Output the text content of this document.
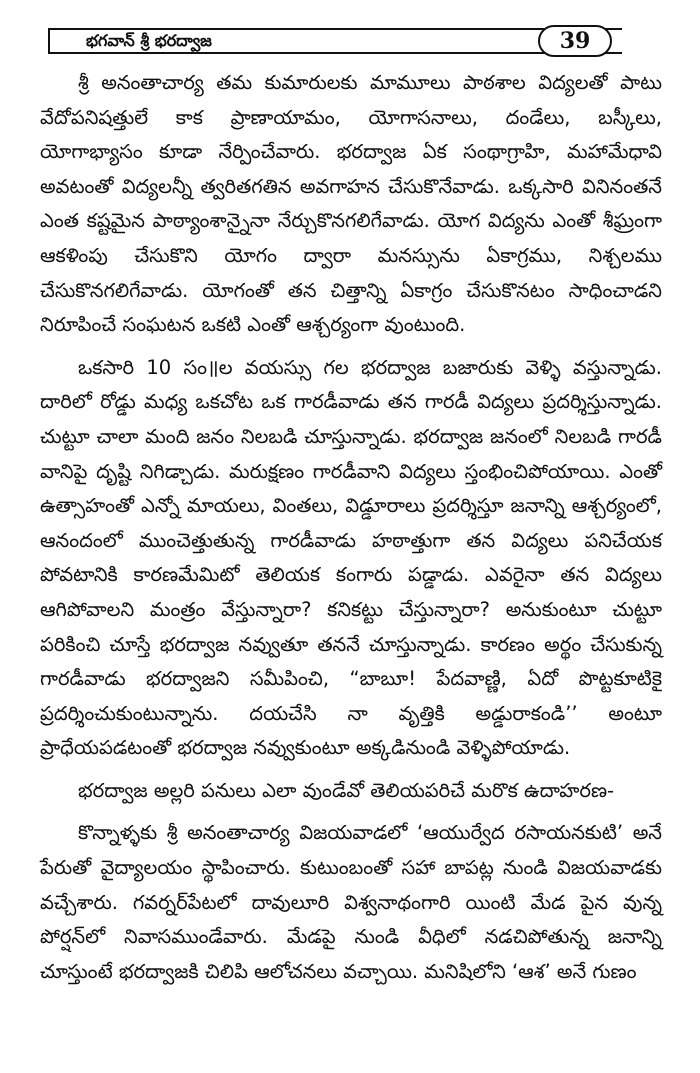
భగవాన్ శ్రీ భరద్వాజ	39

శ్రీ అనంతాచార్య తమ కుమారులకు మామూలు పాఠశాల విద్యలతో పాటు వేదోపనిషత్తులే కాక ప్రాణాయామం, యోగాసనాలు, దండేలు, బస్కీలు, యోగాభ్యాసం కూడా నేర్పించేవారు. భరద్వాజ ఏక సంథాగ్రాహి, మహామేధావి అవటంతో విద్యలన్నీ త్వరితగతిన అవగాహన చేసుకొనేవాడు. ఒక్కసారి వినినంతనే ఎంత కష్టమైన పాఠ్యాంశాన్నైనా నేర్చుకొనగలిగేవాడు. యోగ విద్యను ఎంతో శీఘ్రంగా ఆకళింపు చేసుకొని యోగం ద్వారా మనస్సును ఏకాగ్రము, నిశ్చలము చేసుకొనగలిగేవాడు. యోగంతో తన చిత్తాన్ని ఏకాగ్రం చేసుకొనటం సాధించాడని నిరూపించే సంఘటన ఒకటి ఎంతో ఆశ్చర్యంగా వుంటుంది.

ఒకసారి 10 సం॥ల వయస్సు గల భరద్వాజ బజారుకు వెళ్ళి వస్తున్నాడు. దారిలో రోడ్డు మధ్య ఒకచోట ఒక గారడీవాడు తన గారడీ విద్యలు ప్రదర్శిస్తున్నాడు. చుట్టూ చాలా మంది జనం నిలబడి చూస్తున్నాడు. భరద్వాజ జనంలో నిలబడి గారడీ వానిపై దృష్టి నిగిడ్చాడు. మరుక్షణం గారడీవాని విద్యలు స్తంభించిపోయాయి. ఎంతో ఉత్సాహంతో ఎన్నో మాయలు, వింతలు, విడ్డూరాలు ప్రదర్శిస్తూ జనాన్ని ఆశ్చర్యంలో, ఆనందంలో ముంచెత్తుతున్న గారడీవాడు హఠాత్తుగా తన విద్యలు పనిచేయక పోవటానికి కారణమేమిటో తెలియక కంగారు పడ్డాడు. ఎవరైనా తన విద్యలు ఆగిపోవాలని మంత్రం వేస్తున్నారా? కనికట్టు చేస్తున్నారా? అనుకుంటూ చుట్టూ పరికించి చూస్తే భరద్వాజ నవ్వుతూ తననే చూస్తున్నాడు. కారణం అర్థం చేసుకున్న గారడీవాడు భరద్వాజని సమీపించి, “బాబూ! పేదవాణ్ణి, ఏదో పొట్టకూటికై ప్రదర్శించుకుంటున్నాను. దయచేసి నా వృత్తికి అడ్డురాకండి’’ అంటూ ప్రాధేయపడటంతో భరద్వాజ నవ్వుకుంటూ అక్కడినుండి వెళ్ళిపోయాడు.

భరద్వాజ అల్లరి పనులు ఎలా వుండేవో తెలియపరిచే మరొక ఉదాహరణ-

కొన్నాళ్ళకు శ్రీ అనంతాచార్య విజయవాడలో ‘ఆయుర్వేద రసాయనకుటి’ అనే పేరుతో వైద్యాలయం స్థాపించారు. కుటుంబంతో సహా బాపట్ల నుండి విజయవాడకు వచ్చేశారు. గవర్నర్‌పేటలో దావులూరి విశ్వనాథంగారి యింటి మేడ పైన వున్న పోర్షన్‌లో నివాసముండేవారు. మేడపై నుండి వీధిలో నడచిపోతున్న జనాన్ని చూస్తుంటే భరద్వాజకి చిలిపి ఆలోచనలు వచ్చాయి. మనిషిలోని ‘ఆశ’ అనే గుణం
